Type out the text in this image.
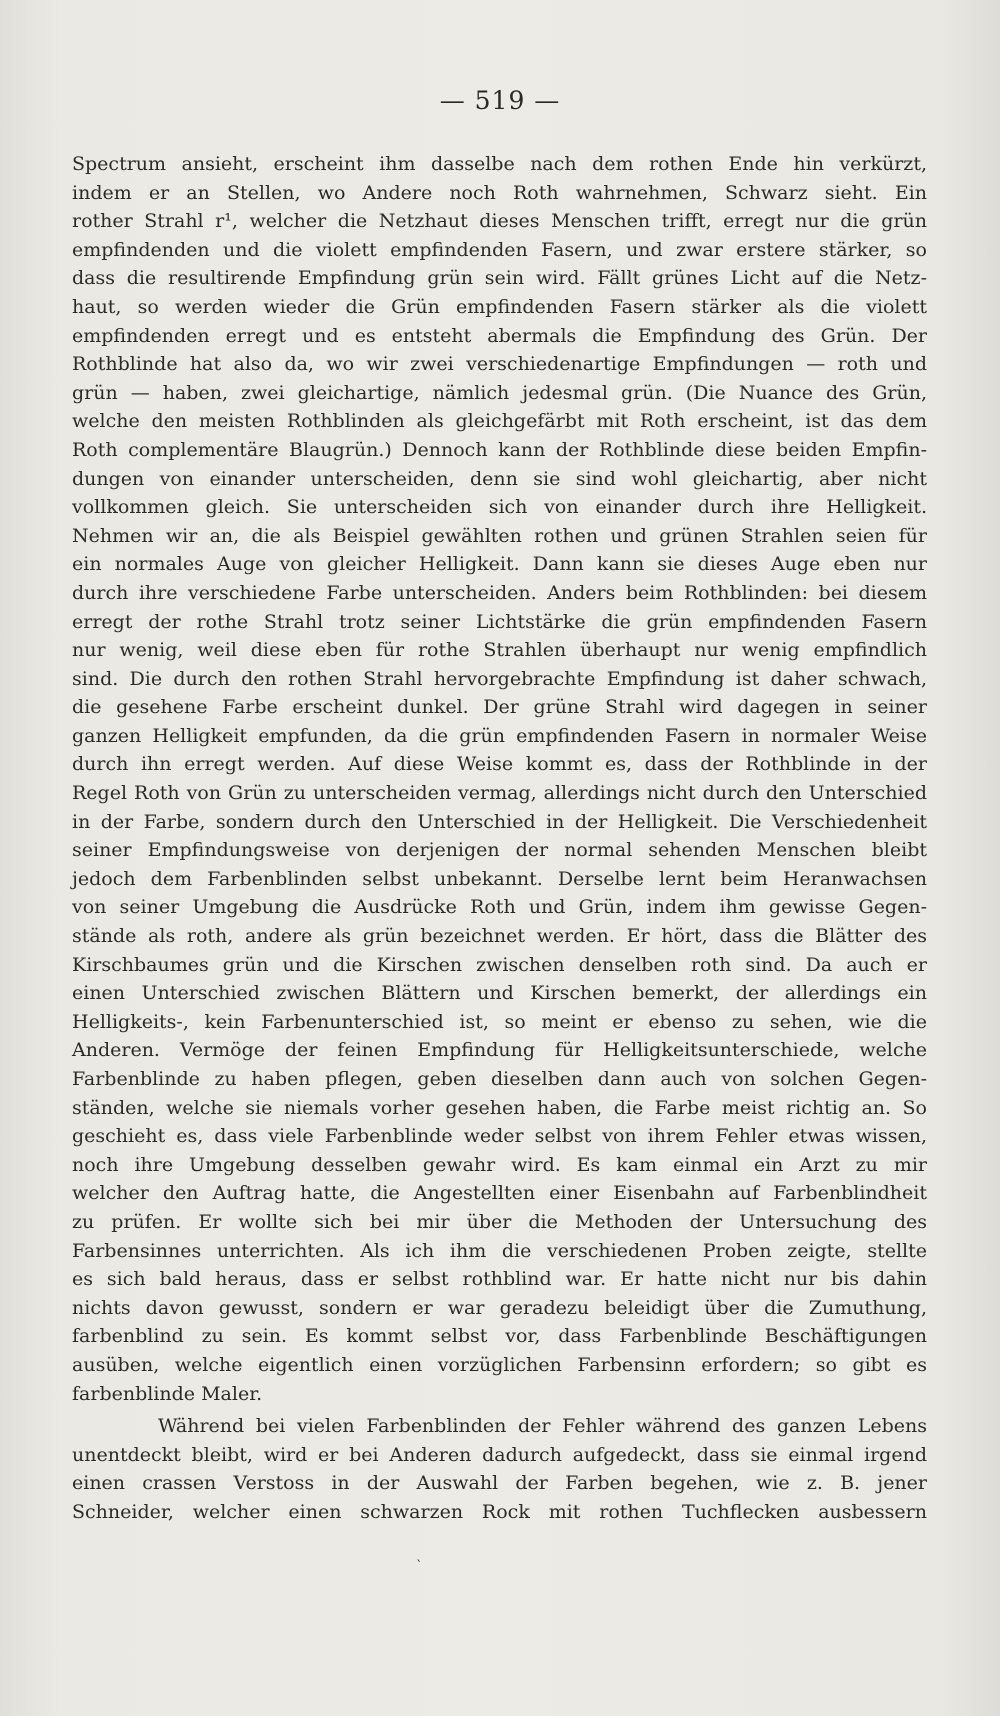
— 519 —
Spectrum ansieht, erscheint ihm dasselbe nach dem rothen Ende hin verkürzt,
indem er an Stellen, wo Andere noch Roth wahrnehmen, Schwarz sieht. Ein
rother Strahl r¹, welcher die Netzhaut dieses Menschen trifft, erregt nur die grün
empfindenden und die violett empfindenden Fasern, und zwar erstere stärker, so
dass die resultirende Empfindung grün sein wird. Fällt grünes Licht auf die Netz-
haut, so werden wieder die Grün empfindenden Fasern stärker als die violett
empfindenden erregt und es entsteht abermals die Empfindung des Grün. Der
Rothblinde hat also da, wo wir zwei verschiedenartige Empfindungen — roth und
grün — haben, zwei gleichartige, nämlich jedesmal grün. (Die Nuance des Grün,
welche den meisten Rothblinden als gleichgefärbt mit Roth erscheint, ist das dem
Roth complementäre Blaugrün.) Dennoch kann der Rothblinde diese beiden Empfin-
dungen von einander unterscheiden, denn sie sind wohl gleichartig, aber nicht
vollkommen gleich. Sie unterscheiden sich von einander durch ihre Helligkeit.
Nehmen wir an, die als Beispiel gewählten rothen und grünen Strahlen seien für
ein normales Auge von gleicher Helligkeit. Dann kann sie dieses Auge eben nur
durch ihre verschiedene Farbe unterscheiden. Anders beim Rothblinden: bei diesem
erregt der rothe Strahl trotz seiner Lichtstärke die grün empfindenden Fasern
nur wenig, weil diese eben für rothe Strahlen überhaupt nur wenig empfindlich
sind. Die durch den rothen Strahl hervorgebrachte Empfindung ist daher schwach,
die gesehene Farbe erscheint dunkel. Der grüne Strahl wird dagegen in seiner
ganzen Helligkeit empfunden, da die grün empfindenden Fasern in normaler Weise
durch ihn erregt werden. Auf diese Weise kommt es, dass der Rothblinde in der
Regel Roth von Grün zu unterscheiden vermag, allerdings nicht durch den Unterschied
in der Farbe, sondern durch den Unterschied in der Helligkeit. Die Verschiedenheit
seiner Empfindungsweise von derjenigen der normal sehenden Menschen bleibt
jedoch dem Farbenblinden selbst unbekannt. Derselbe lernt beim Heranwachsen
von seiner Umgebung die Ausdrücke Roth und Grün, indem ihm gewisse Gegen-
stände als roth, andere als grün bezeichnet werden. Er hört, dass die Blätter des
Kirschbaumes grün und die Kirschen zwischen denselben roth sind. Da auch er
einen Unterschied zwischen Blättern und Kirschen bemerkt, der allerdings ein
Helligkeits-, kein Farbenunterschied ist, so meint er ebenso zu sehen, wie die
Anderen. Vermöge der feinen Empfindung für Helligkeitsunterschiede, welche
Farbenblinde zu haben pflegen, geben dieselben dann auch von solchen Gegen-
ständen, welche sie niemals vorher gesehen haben, die Farbe meist richtig an. So
geschieht es, dass viele Farbenblinde weder selbst von ihrem Fehler etwas wissen,
noch ihre Umgebung desselben gewahr wird. Es kam einmal ein Arzt zu mir
welcher den Auftrag hatte, die Angestellten einer Eisenbahn auf Farbenblindheit
zu prüfen. Er wollte sich bei mir über die Methoden der Untersuchung des
Farbensinnes unterrichten. Als ich ihm die verschiedenen Proben zeigte, stellte
es sich bald heraus, dass er selbst rothblind war. Er hatte nicht nur bis dahin
nichts davon gewusst, sondern er war geradezu beleidigt über die Zumuthung,
farbenblind zu sein. Es kommt selbst vor, dass Farbenblinde Beschäftigungen
ausüben, welche eigentlich einen vorzüglichen Farbensinn erfordern; so gibt es
farbenblinde Maler.
Während bei vielen Farbenblinden der Fehler während des ganzen Lebens
unentdeckt bleibt, wird er bei Anderen dadurch aufgedeckt, dass sie einmal irgend
einen crassen Verstoss in der Auswahl der Farben begehen, wie z. B. jener
Schneider, welcher einen schwarzen Rock mit rothen Tuchflecken ausbessern
‵
